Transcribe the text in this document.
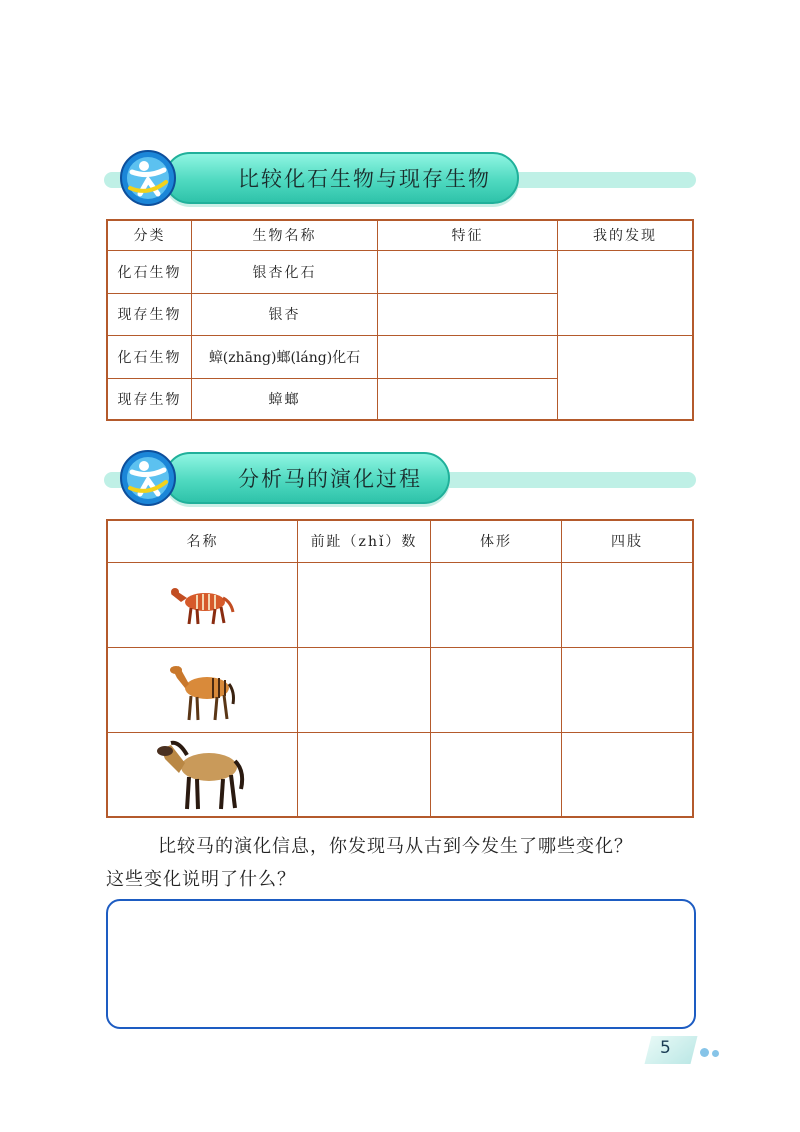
比较化石生物与现存生物
分类	生物名称	特征	我的发现
化石生物	银杏化石		
现存生物	银杏		
化石生物	蟑(zhāng)螂(láng)化石		
现存生物	蟑螂		
分析马的演化过程
名称	前趾（zhǐ）数	体形	四肢

比较马的演化信息，你发现马从古到今发生了哪些变化？
这些变化说明了什么？
5
